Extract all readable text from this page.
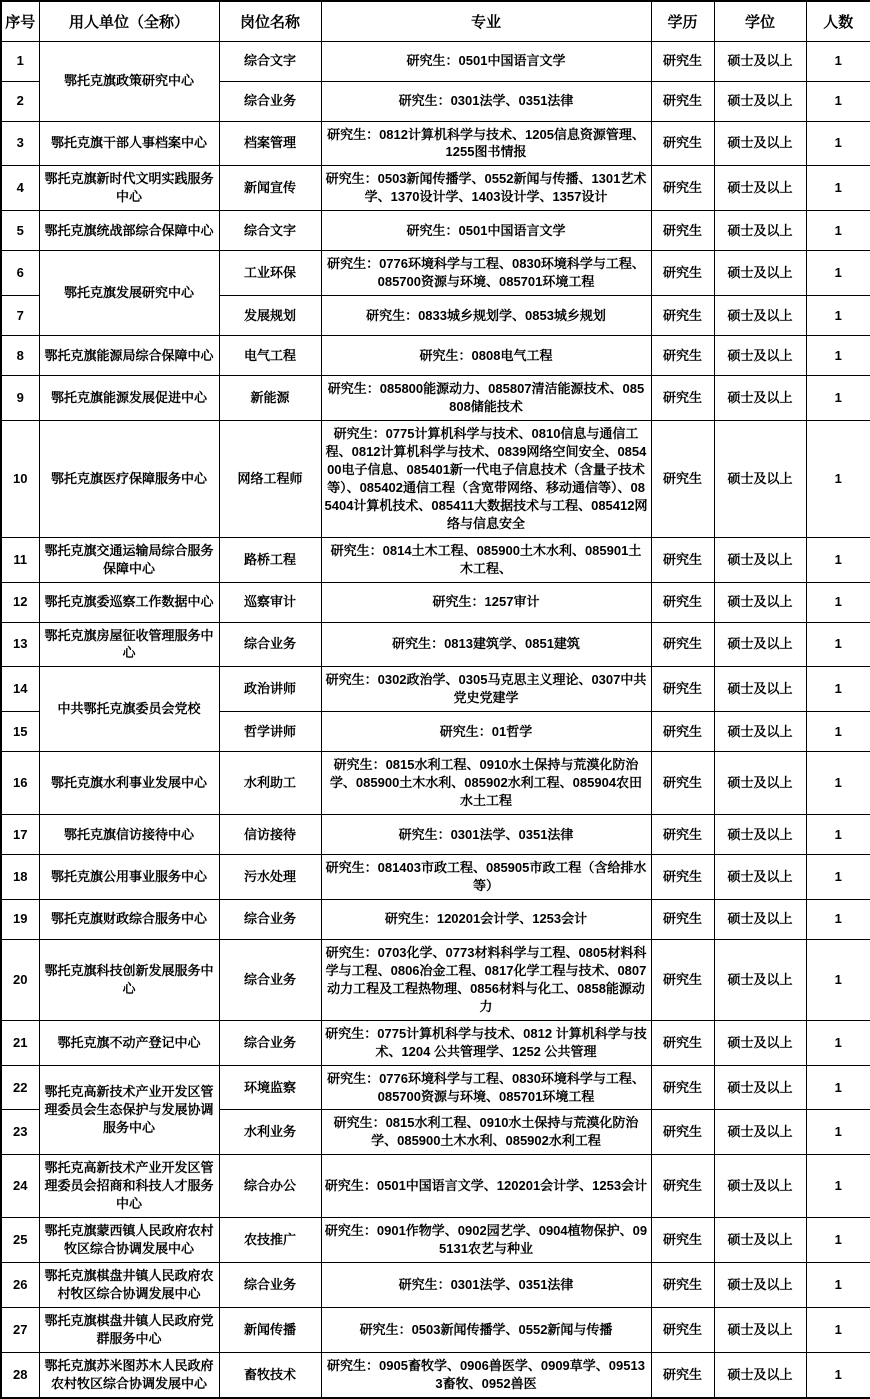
序号	用人单位（全称）	岗位名称	专业	学历	学位	人数
1	鄂托克旗政策研究中心	综合文字	研究生：0501中国语言文学	研究生	硕士及以上	1
2		综合业务	研究生：0301法学、0351法律	研究生	硕士及以上	1
3	鄂托克旗干部人事档案中心	档案管理	研究生：0812计算机科学与技术、1205信息资源管理、1255图书情报	研究生	硕士及以上	1
4	鄂托克旗新时代文明实践服务中心	新闻宣传	研究生：0503新闻传播学、0552新闻与传播、1301艺术学、1370设计学、1403设计学、1357设计	研究生	硕士及以上	1
5	鄂托克旗统战部综合保障中心	综合文字	研究生：0501中国语言文学	研究生	硕士及以上	1
6	鄂托克旗发展研究中心	工业环保	研究生：0776环境科学与工程、0830环境科学与工程、085700资源与环境、085701环境工程	研究生	硕士及以上	1
7		发展规划	研究生：0833城乡规划学、0853城乡规划	研究生	硕士及以上	1
8	鄂托克旗能源局综合保障中心	电气工程	研究生：0808电气工程	研究生	硕士及以上	1
9	鄂托克旗能源发展促进中心	新能源	研究生：085800能源动力、085807清洁能源技术、085808储能技术	研究生	硕士及以上	1
10	鄂托克旗医疗保障服务中心	网络工程师	研究生：0775计算机科学与技术、0810信息与通信工程、0812计算机科学与技术、0839网络空间安全、085400电子信息、085401新一代电子信息技术（含量子技术等）、085402通信工程（含宽带网络、移动通信等）、085404计算机技术、085411大数据技术与工程、085412网络与信息安全	研究生	硕士及以上	1
11	鄂托克旗交通运输局综合服务保障中心	路桥工程	研究生：0814土木工程、085900土木水利、085901土木工程、	研究生	硕士及以上	1
12	鄂托克旗委巡察工作数据中心	巡察审计	研究生：1257审计	研究生	硕士及以上	1
13	鄂托克旗房屋征收管理服务中心	综合业务	研究生：0813建筑学、0851建筑	研究生	硕士及以上	1
14	中共鄂托克旗委员会党校	政治讲师	研究生：0302政治学、0305马克思主义理论、0307中共党史党建学	研究生	硕士及以上	1
15		哲学讲师	研究生：01哲学	研究生	硕士及以上	1
16	鄂托克旗水利事业发展中心	水利助工	研究生：0815水利工程、0910水土保持与荒漠化防治学、085900土木水利、085902水利工程、085904农田水土工程	研究生	硕士及以上	1
17	鄂托克旗信访接待中心	信访接待	研究生：0301法学、0351法律	研究生	硕士及以上	1
18	鄂托克旗公用事业服务中心	污水处理	研究生：081403市政工程、085905市政工程（含给排水等）	研究生	硕士及以上	1
19	鄂托克旗财政综合服务中心	综合业务	研究生：120201会计学、1253会计	研究生	硕士及以上	1
20	鄂托克旗科技创新发展服务中心	综合业务	研究生：0703化学、0773材料科学与工程、0805材料科学与工程、0806冶金工程、0817化学工程与技术、0807动力工程及工程热物理、0856材料与化工、0858能源动力	研究生	硕士及以上	1
21	鄂托克旗不动产登记中心	综合业务	研究生：0775计算机科学与技术、0812 计算机科学与技术、1204 公共管理学、1252 公共管理	研究生	硕士及以上	1
22	鄂托克高新技术产业开发区管理委员会生态保护与发展协调服务中心	环境监察	研究生：0776环境科学与工程、0830环境科学与工程、085700资源与环境、085701环境工程	研究生	硕士及以上	1
23		水利业务	研究生：0815水利工程、0910水土保持与荒漠化防治学、085900土木水利、085902水利工程	研究生	硕士及以上	1
24	鄂托克高新技术产业开发区管理委员会招商和科技人才服务中心	综合办公	研究生：0501中国语言文学、120201会计学、1253会计	研究生	硕士及以上	1
25	鄂托克旗蒙西镇人民政府农村牧区综合协调发展中心	农技推广	研究生：0901作物学、0902园艺学、0904植物保护、095131农艺与种业	研究生	硕士及以上	1
26	鄂托克旗棋盘井镇人民政府农村牧区综合协调发展中心	综合业务	研究生：0301法学、0351法律	研究生	硕士及以上	1
27	鄂托克旗棋盘井镇人民政府党群服务中心	新闻传播	研究生：0503新闻传播学、0552新闻与传播	研究生	硕士及以上	1
28	鄂托克旗苏米图苏木人民政府农村牧区综合协调发展中心	畜牧技术	研究生：0905畜牧学、0906兽医学、0909草学、095133畜牧、0952兽医	研究生	硕士及以上	1
